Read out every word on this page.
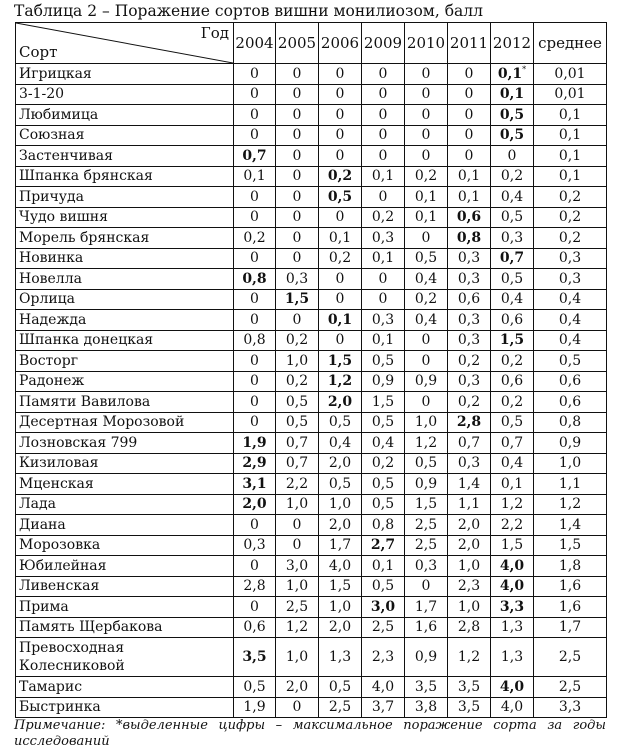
Таблица 2 – Поражение сортов вишни монилиозом, балл
Год
Сорт	2004	2005	2006	2009	2010	2011	2012	среднее
Игрицкая	0	0	0	0	0	0	0,1*	0,01
3-1-20	0	0	0	0	0	0	0,1	0,01
Любимица	0	0	0	0	0	0	0,5	0,1
Союзная	0	0	0	0	0	0	0,5	0,1
Застенчивая	0,7	0	0	0	0	0	0	0,1
Шпанка брянская	0,1	0	0,2	0,1	0,2	0,1	0,2	0,1
Причуда	0	0	0,5	0	0,1	0,1	0,4	0,2
Чудо вишня	0	0	0	0,2	0,1	0,6	0,5	0,2
Морель брянская	0,2	0	0,1	0,3	0	0,8	0,3	0,2
Новинка	0	0	0,2	0,1	0,5	0,3	0,7	0,3
Новелла	0,8	0,3	0	0	0,4	0,3	0,5	0,3
Орлица	0	1,5	0	0	0,2	0,6	0,4	0,4
Надежда	0	0	0,1	0,3	0,4	0,3	0,6	0,4
Шпанка донецкая	0,8	0,2	0	0,1	0	0,3	1,5	0,4
Восторг	0	1,0	1,5	0,5	0	0,2	0,2	0,5
Радонеж	0	0,2	1,2	0,9	0,9	0,3	0,6	0,6
Памяти Вавилова	0	0,5	2,0	1,5	0	0,2	0,2	0,6
Десертная Морозовой	0	0,5	0,5	0,5	1,0	2,8	0,5	0,8
Лозновская 799	1,9	0,7	0,4	0,4	1,2	0,7	0,7	0,9
Кизиловая	2,9	0,7	2,0	0,2	0,5	0,3	0,4	1,0
Мценская	3,1	2,2	0,5	0,5	0,9	1,4	0,1	1,1
Лада	2,0	1,0	1,0	0,5	1,5	1,1	1,2	1,2
Диана	0	0	2,0	0,8	2,5	2,0	2,2	1,4
Морозовка	0,3	0	1,7	2,7	2,5	2,0	1,5	1,5
Юбилейная	0	3,0	4,0	0,1	0,3	1,0	4,0	1,8
Ливенская	2,8	1,0	1,5	0,5	0	2,3	4,0	1,6
Прима	0	2,5	1,0	3,0	1,7	1,0	3,3	1,6
Память Щербакова	0,6	1,2	2,0	2,5	1,6	2,8	1,3	1,7
Превосходная Колесниковой	3,5	1,0	1,3	2,3	0,9	1,2	1,3	2,5
Тамарис	0,5	2,0	0,5	4,0	3,5	3,5	4,0	2,5
Быстринка	1,9	0	2,5	3,7	3,8	3,5	4,0	3,3
Примечание: *выделенные цифры – максимальное поражение сорта за годы исследований
